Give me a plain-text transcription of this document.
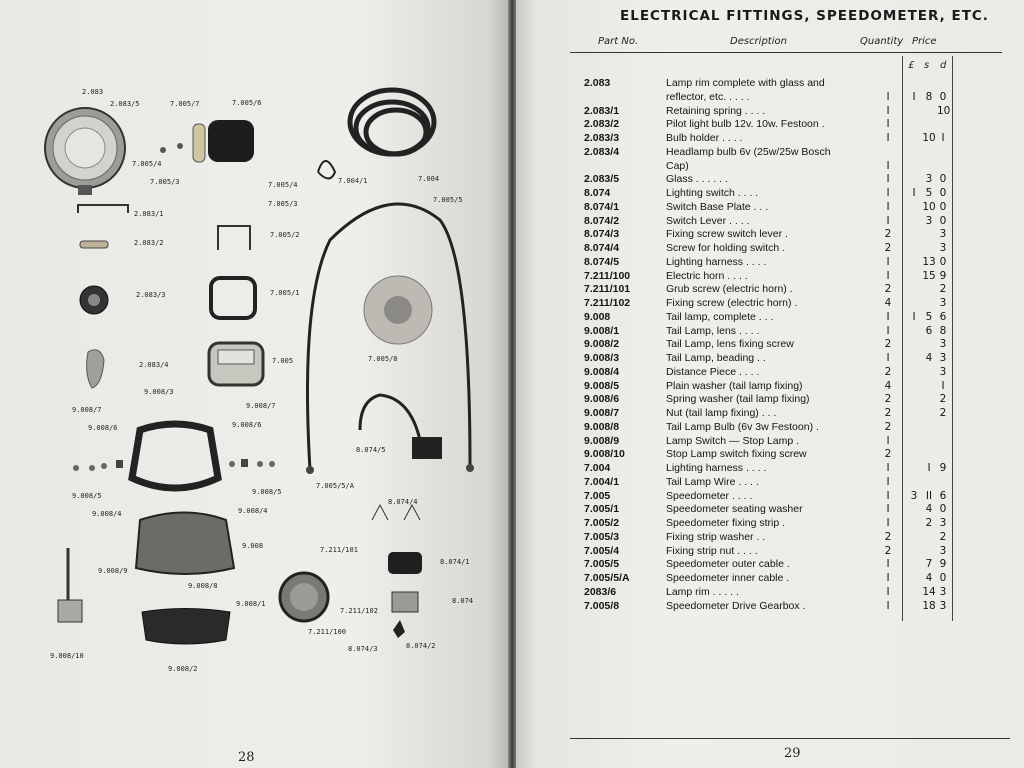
2.083
2.083/5	7.005/7	7.005/6
7.005/4
7.005/3	7.005/4
7.005/3
7.004/1	7.004
7.005/5
2.083/1
2.083/2
7.005/2
2.083/3	7.005/1
7.005/8
2.083/4	7.005
9.008/3
9.008/7
9.008/6
9.008/7
9.008/6
9.008/5
9.008/4
9.008/5
9.008/4
8.074/5
7.005/5/A
8.074/4
9.008	7.211/101
8.074/1
9.008/9
9.008/8
8.074
9.008/1
7.211/102
7.211/100
8.074/3	8.074/2
9.008/10
9.008/2
28
ELECTRICAL FITTINGS, SPEEDOMETER, ETC.
Part No.	Description	Quantity Price
£ s d
2.083	Lamp rim complete with glass and
reflector, etc. . . . .	I	I 8 0
2.083/1	Retaining spring . . . .	I	10
2.083/2	Pilot light bulb 12v. 10w. Festoon .	I
2.083/3	Bulb holder . . . .	I	10 I
2.083/4	Headlamp bulb 6v (25w/25w Bosch
Cap)	I
2.083/5	Glass . . . . . .	I	3 0
8.074	Lighting switch . . . .	I	I 5 0
8.074/1	Switch Base Plate . . .	I	10 0
8.074/2	Switch Lever . . . .	I	3 0
8.074/3	Fixing screw switch lever .	2	3
8.074/4	Screw for holding switch .	2	3
8.074/5	Lighting harness . . . .	I	13 0
7.211/100	Electric horn . . . .	I	15 9
7.211/101	Grub screw (electric horn) .	2	2
7.211/102	Fixing screw (electric horn) .	4	3
9.008	Tail lamp, complete . . .	I	I 5 6
9.008/1	Tail Lamp, lens . . . .	I	6 8
9.008/2	Tail Lamp, lens fixing screw	2	3
9.008/3	Tail Lamp, beading . .	I	4 3
9.008/4	Distance Piece . . . .	2	3
9.008/5	Plain washer (tail lamp fixing)	4	I
9.008/6	Spring washer (tail lamp fixing)	2	2
9.008/7	Nut (tail lamp fixing) . . .	2	2
9.008/8	Tail Lamp Bulb (6v 3w Festoon) .	2
9.008/9	Lamp Switch — Stop Lamp .	I
9.008/10	Stop Lamp switch fixing screw	2
7.004	Lighting harness . . . .	I	I 9
7.004/1	Tail Lamp Wire . . . .	I
7.005	Speedometer . . . .	I	3 II 6
7.005/1	Speedometer seating washer	I	4 0
7.005/2	Speedometer fixing strip .	I	2 3
7.005/3	Fixing strip washer . .	2	2
7.005/4	Fixing strip nut . . . .	2	3
7.005/5	Speedometer outer cable .	I	7 9
7.005/5/A	Speedometer inner cable .	I	4 0
2083/6	Lamp rim . . . . .	I	14 3
7.005/8	Speedometer Drive Gearbox .	I	18 3
29
